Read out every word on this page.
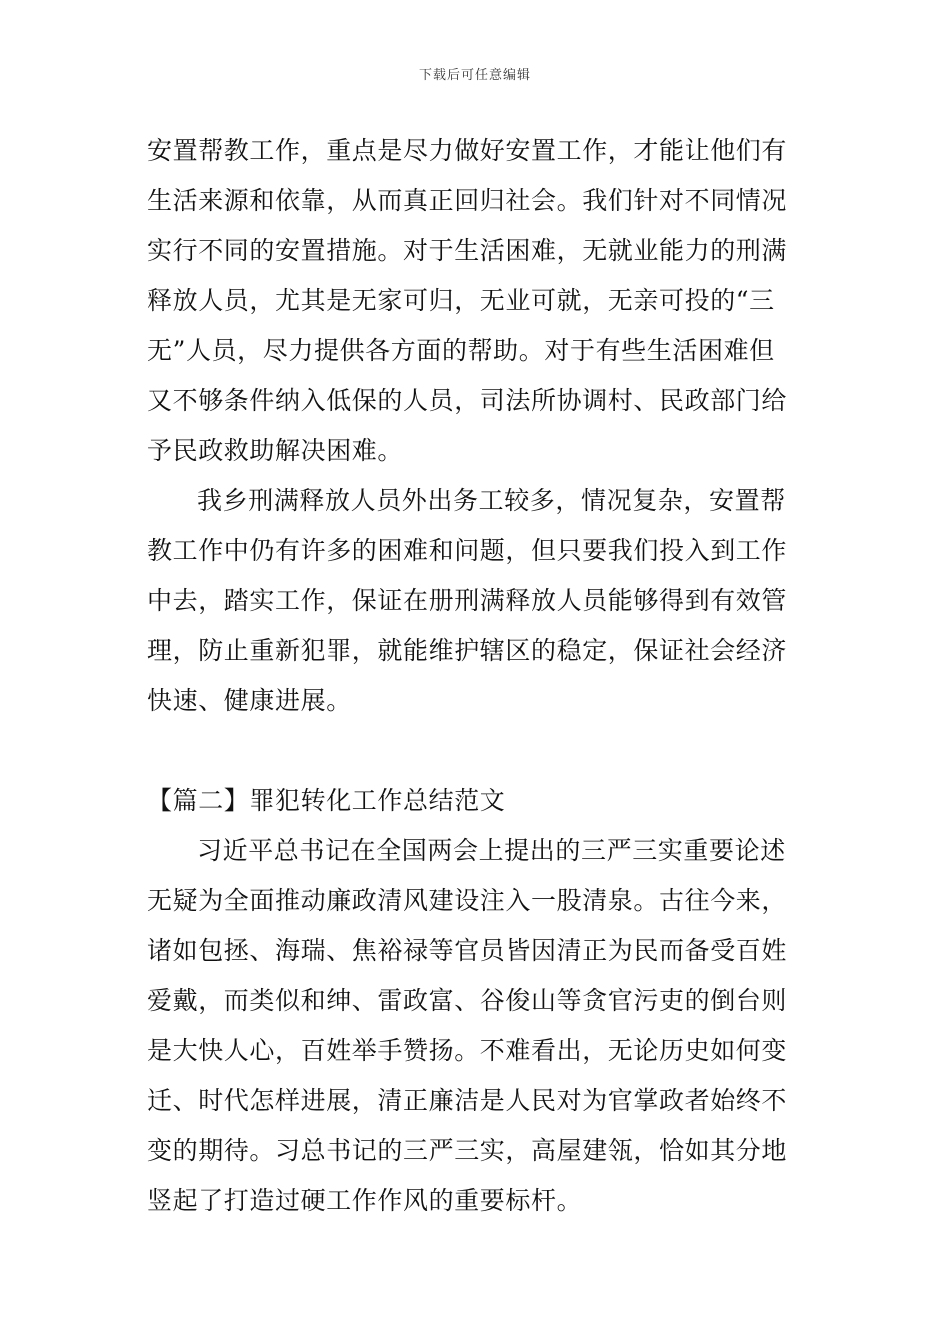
下载后可任意编辑
安置帮教工作，重点是尽力做好安置工作，才能让他们有
生活来源和依靠，从而真正回归社会。我们针对不同情况
实行不同的安置措施。对于生活困难，无就业能力的刑满
释放人员，尤其是无家可归，无业可就，无亲可投的“三
无”人员，尽力提供各方面的帮助。对于有些生活困难但
又不够条件纳入低保的人员，司法所协调村、民政部门给
予民政救助解决困难。
我乡刑满释放人员外出务工较多，情况复杂，安置帮
教工作中仍有许多的困难和问题，但只要我们投入到工作
中去，踏实工作，保证在册刑满释放人员能够得到有效管
理，防止重新犯罪，就能维护辖区的稳定，保证社会经济
快速、健康进展。
【篇二】罪犯转化工作总结范文
习近平总书记在全国两会上提出的三严三实重要论述
无疑为全面推动廉政清风建设注入一股清泉。古往今来，
诸如包拯、海瑞、焦裕禄等官员皆因清正为民而备受百姓
爱戴，而类似和绅、雷政富、谷俊山等贪官污吏的倒台则
是大快人心，百姓举手赞扬。不难看出，无论历史如何变
迁、时代怎样进展，清正廉洁是人民对为官掌政者始终不
变的期待。习总书记的三严三实，高屋建瓴，恰如其分地
竖起了打造过硬工作作风的重要标杆。
